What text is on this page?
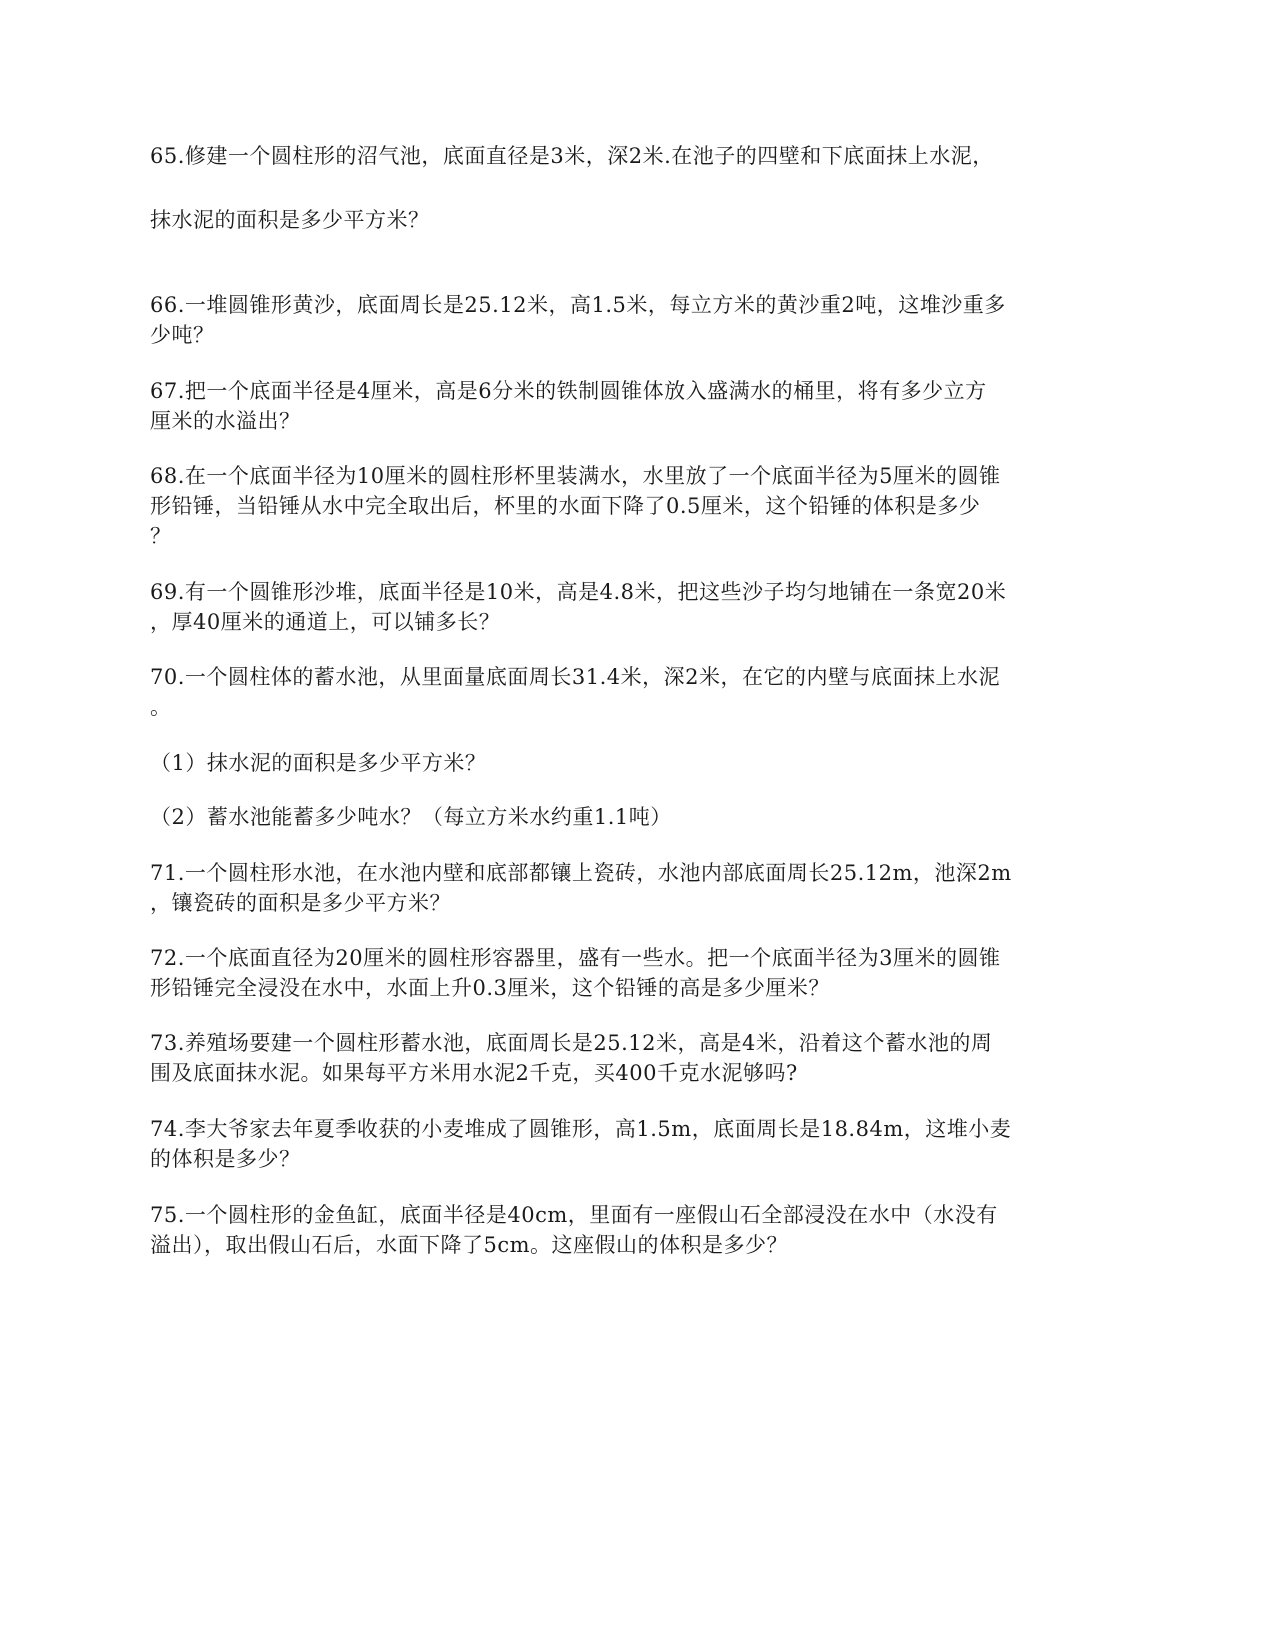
65.修建一个圆柱形的沼气池，底面直径是3米，深2米.在池子的四壁和下底面抹上水泥，
抹水泥的面积是多少平方米？
66.一堆圆锥形黄沙，底面周长是25.12米，高1.5米，每立方米的黄沙重2吨，这堆沙重多
少吨？
67.把一个底面半径是4厘米，高是6分米的铁制圆锥体放入盛满水的桶里，将有多少立方
厘米的水溢出？
68.在一个底面半径为10厘米的圆柱形杯里装满水，水里放了一个底面半径为5厘米的圆锥
形铅锤，当铅锤从水中完全取出后，杯里的水面下降了0.5厘米，这个铅锤的体积是多少
？
69.有一个圆锥形沙堆，底面半径是10米，高是4.8米，把这些沙子均匀地铺在一条宽20米
，厚40厘米的通道上，可以铺多长？
70.一个圆柱体的蓄水池，从里面量底面周长31.4米，深2米，在它的内壁与底面抹上水泥
。
（1）抹水泥的面积是多少平方米？
（2）蓄水池能蓄多少吨水？（每立方米水约重1.1吨）
71.一个圆柱形水池，在水池内壁和底部都镶上瓷砖，水池内部底面周长25.12m，池深2m
，镶瓷砖的面积是多少平方米？
72.一个底面直径为20厘米的圆柱形容器里，盛有一些水。把一个底面半径为3厘米的圆锥
形铅锤完全浸没在水中，水面上升0.3厘米，这个铅锤的高是多少厘米？
73.养殖场要建一个圆柱形蓄水池，底面周长是25.12米，高是4米，沿着这个蓄水池的周
围及底面抹水泥。如果每平方米用水泥2千克，买400千克水泥够吗?
74.李大爷家去年夏季收获的小麦堆成了圆锥形，高1.5m，底面周长是18.84m，这堆小麦
的体积是多少？
75.一个圆柱形的金鱼缸，底面半径是40cm，里面有一座假山石全部浸没在水中（水没有
溢出），取出假山石后，水面下降了5cm。这座假山的体积是多少？
